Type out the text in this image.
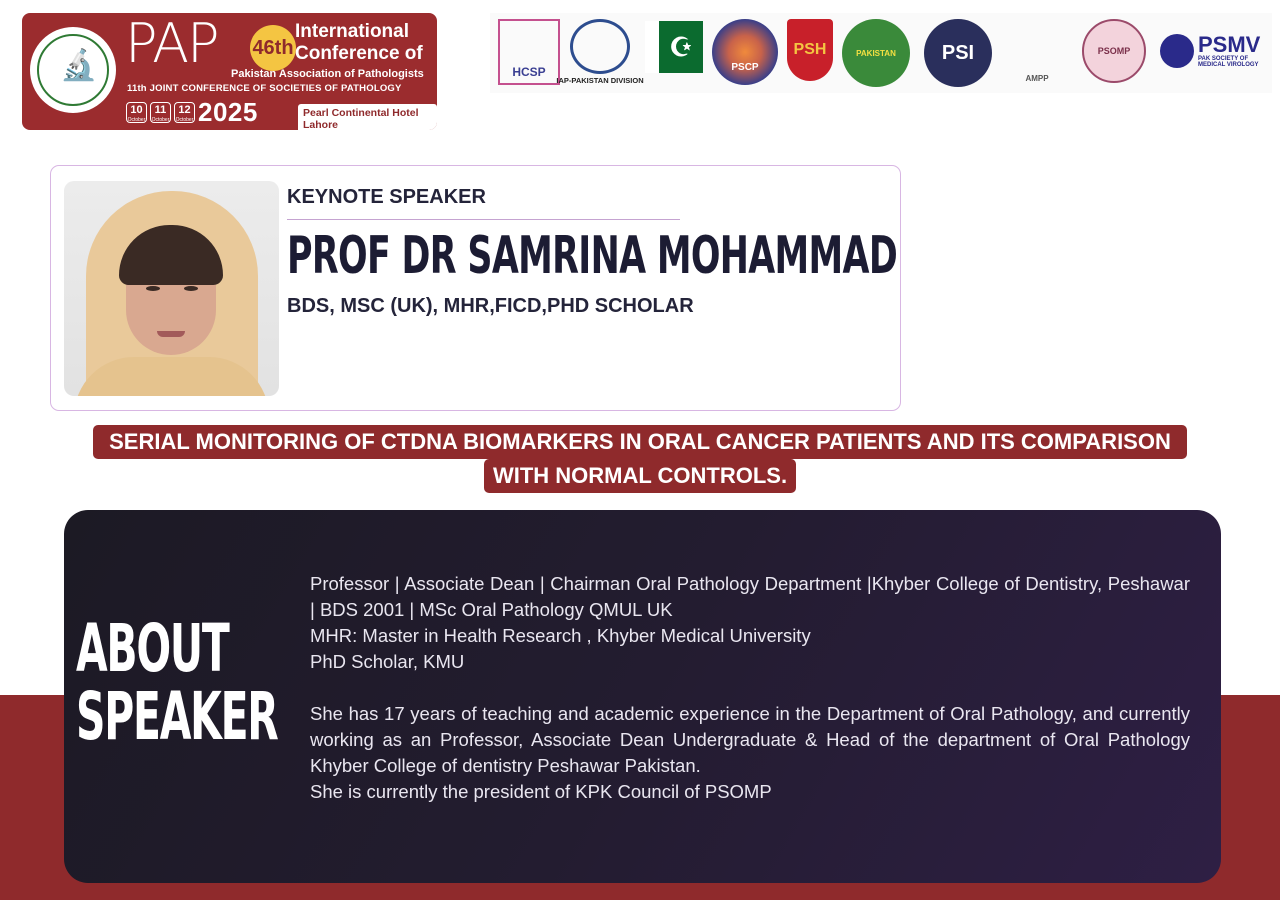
🔬 PAP 46th
International
Conference of
Pakistan Association of Pathologists
11th JOINT CONFERENCE OF SOCIETIES OF PATHOLOGY
10
October
11
October
12
October 2025	Pearl Continental Hotel Lahore
HCSP
IAP-PAKISTAN DIVISION
☪
PSCP
PSH	PAKISTAN	PSI
AMPP
PSOMP	PSMV
PAK SOCIETY OF MEDICAL VIROLOGY
KEYNOTE SPEAKER
PROF DR SAMRINA MOHAMMAD
BDS, MSC (UK), MHR,FICD,PHD SCHOLAR
SERIAL MONITORING OF CTDNA BIOMARKERS IN ORAL CANCER PATIENTS AND ITS COMPARISON
WITH NORMAL CONTROLS.
ABOUT
SPEAKER

Professor | Associate Dean | Chairman Oral Pathology Department |Khyber College of Dentistry, Peshawar | BDS 2001 | MSc Oral Pathology QMUL UK

MHR: Master in Health Research , Khyber Medical University

PhD Scholar, KMU

She has 17 years of teaching and academic experience in the Department of Oral Pathology, and currently working as an Professor, Associate Dean Undergraduate & Head of the department of Oral Pathology Khyber College of dentistry Peshawar Pakistan.

She is currently the president of KPK Council of PSOMP
